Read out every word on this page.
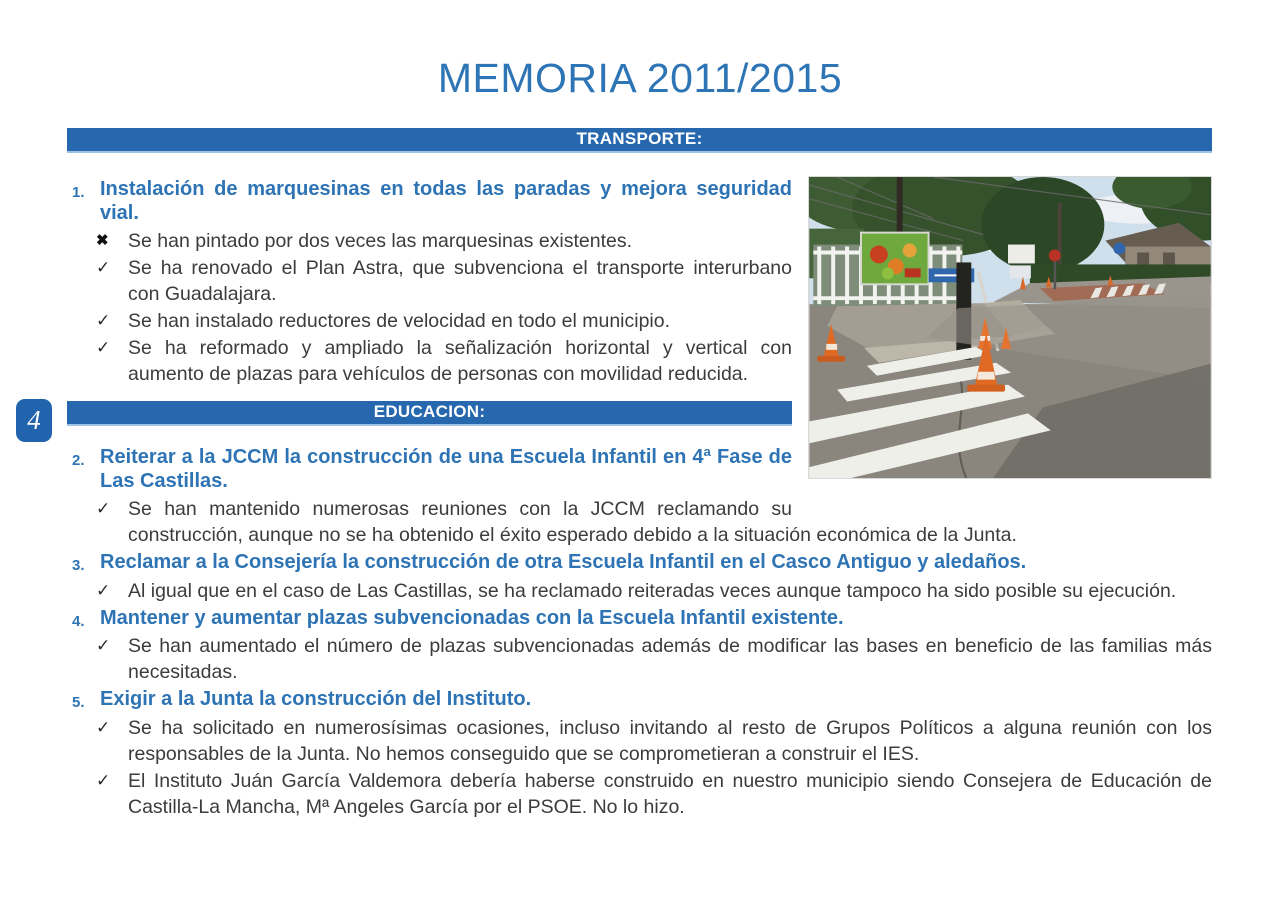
4
MEMORIA 2011/2015
TRANSPORTE:
1. Instalación de marquesinas en todas las paradas y mejora seguridad vial.
✖ Se han pintado por dos veces las marquesinas existentes.
✓ Se ha renovado el Plan Astra, que subvenciona el transporte interurbano con Guadalajara.
✓ Se han instalado reductores de velocidad en todo el municipio.
✓ Se ha reformado y ampliado la señalización horizontal y vertical con aumento de plazas para vehículos de personas con movilidad reducida.
EDUCACION:
2. Reiterar a la JCCM la construcción de una Escuela Infantil en 4ª Fase de Las Castillas.
✓ Se han mantenido numerosas reuniones con la JCCM reclamando su construcción, aunque no se ha obtenido el éxito esperado debido a la situación económica de la Junta.
3. Reclamar a la Consejería la construcción de otra Escuela Infantil en el Casco Antiguo y aledaños.
✓ Al igual que en el caso de Las Castillas, se ha reclamado reiteradas veces aunque tampoco ha sido posible su ejecución.
4. Mantener y aumentar plazas subvencionadas con la Escuela Infantil existente.
✓ Se han aumentado el número de plazas subvencionadas además de modificar las bases en beneficio de las familias más necesitadas.
5. Exigir a la Junta la construcción del Instituto.
✓ Se ha solicitado en numerosísimas ocasiones, incluso invitando al resto de Grupos Políticos a alguna reunión con los responsables de la Junta. No hemos conseguido que se comprometieran a construir el IES.
✓ El Instituto Juán García Valdemora debería haberse construido en nuestro municipio siendo Consejera de Educación de Castilla-La Mancha, Mª Angeles García por el PSOE. No lo hizo.
